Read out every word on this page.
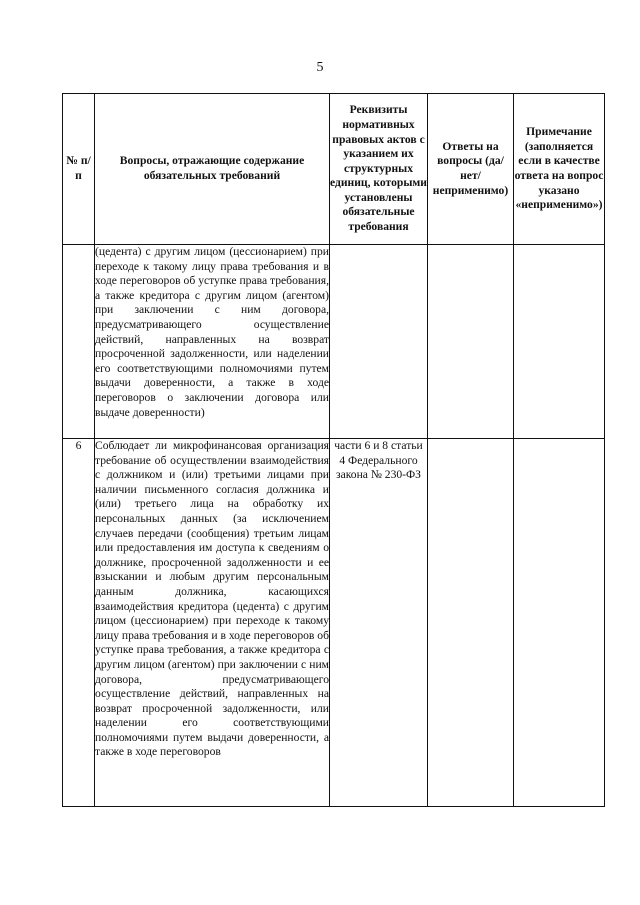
5
№ п/п	Вопросы, отражающие содержание обязательных требований	Реквизиты нормативных правовых актов с указанием их структурных единиц, которыми установлены обязательные требования	Ответы на вопросы (да/нет/ неприменимо)	Примечание (заполняется если в качестве ответа на вопрос указано «неприменимо»)
	(цедента) с другим лицом (цессионарием) при переходе к такому лицу права требования и в ходе переговоров об уступке права требования, а также кредитора с другим лицом (агентом) при заключении с ним договора, предусматривающего осуществление действий, направленных на возврат просроченной задолженности, или наделении его соответствующими полномочиями путем выдачи доверенности, а также в ходе переговоров о заключении договора или выдаче доверенности)			
6	Соблюдает ли микрофинансовая организация требование об осуществлении взаимодействия с должником и (или) третьими лицами при наличии письменного согласия должника и (или) третьего лица на обработку их персональных данных (за исключением случаев передачи (сообщения) третьим лицам или предоставления им доступа к сведениям о должнике, просроченной задолженности и ее взыскании и любым другим персональным данным должника, касающихся взаимодействия кредитора (цедента) с другим лицом (цессионарием) при переходе к такому лицу права требования и в ходе переговоров об уступке права требования, а также кредитора с другим лицом (агентом) при заключении с ним договора, предусматривающего осуществление действий, направленных на возврат просроченной задолженности, или наделении его соответствующими полномочиями путем выдачи доверенности, а также в ходе переговоров	части 6 и 8 статьи 4 Федерального закона № 230-ФЗ		
